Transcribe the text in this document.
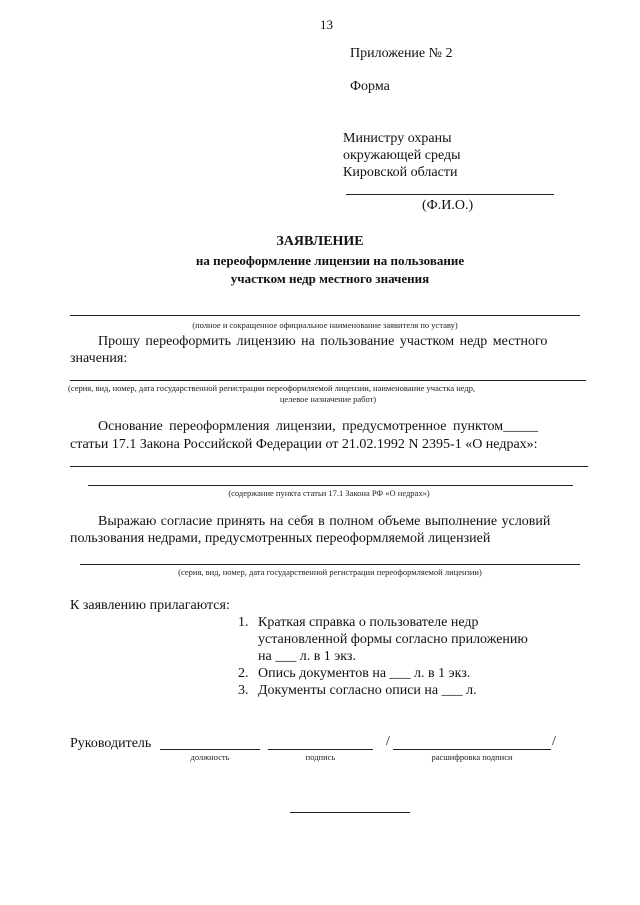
13
Приложение № 2
Форма
Министру охраны
окружающей среды
Кировской области
(Ф.И.О.)
ЗАЯВЛЕНИЕ
на переоформление лицензии на пользование
участком недр местного значения
(полное и сокращенное официальное наименование заявителя по уставу)
Прошу переоформить лицензию на пользование участком недр местного
значения:
(серия, вид, номер, дата государственной регистрации переоформляемой лицензии, наименование участка недр,
целевое назначение работ)
Основание переоформления лицензии, предусмотренное пунктом_____
статьи 17.1 Закона Российской Федерации от 21.02.1992 N 2395-1 «О недрах»:
(содержание пункта статьи 17.1 Закона РФ «О недрах»)
Выражаю согласие принять на себя в полном объеме выполнение условий
пользования недрами, предусмотренных переоформляемой лицензией
(серия, вид, номер, дата государственной регистрации переоформляемой лицензии)
К заявлению прилагаются:
1. Краткая справка о пользователе недр
установленной формы согласно приложению
на ___ л. в 1 экз.
2. Опись документов на ___ л. в 1 экз.
3. Документы согласно описи на ___ л.
Руководитель	/	/
должность	подпись	расшифровка подписи
